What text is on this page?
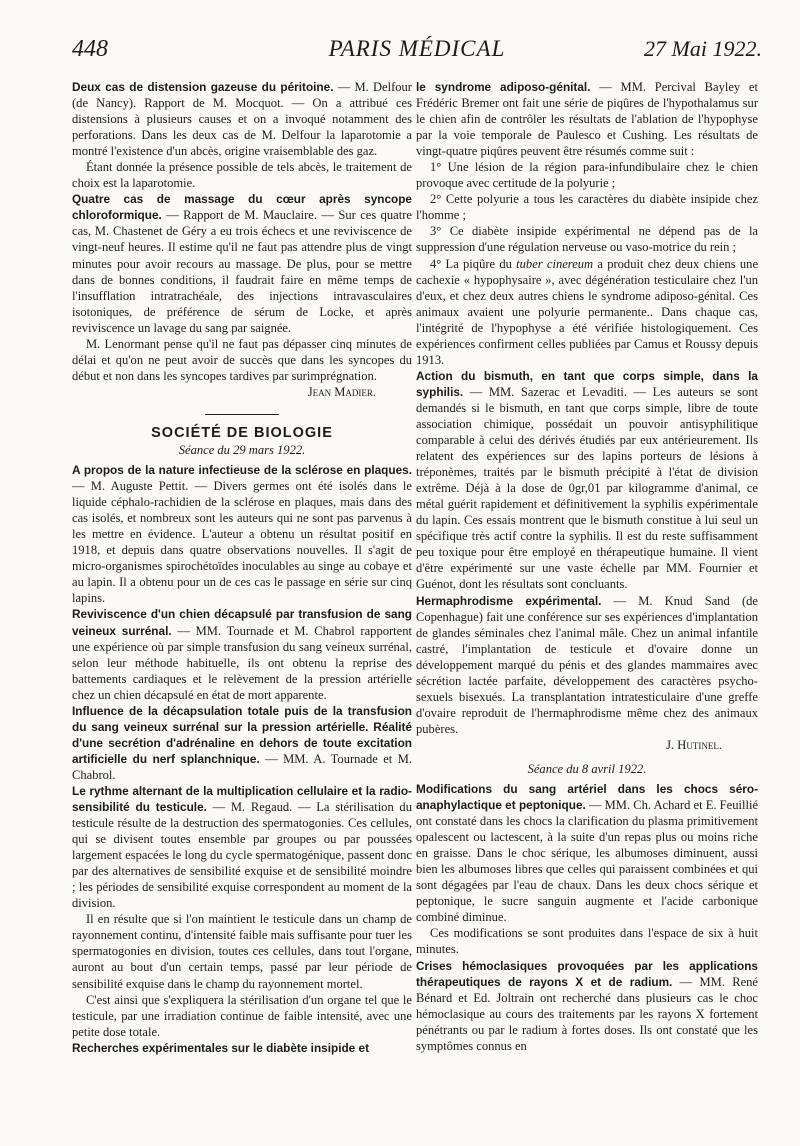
448	PARIS MÉDICAL	27 Mai 1922.

Deux cas de distension gazeuse du péritoine. — M. Delfour (de Nancy). Rapport de M. Mocquot. — On a attribué ces distensions à plusieurs causes et on a invoqué notamment des perforations. Dans les deux cas de M. Delfour la laparotomie a montré l'existence d'un abcès, origine vraisemblable des gaz.

Étant donnée la présence possible de tels abcès, le traitement de choix est la laparotomie.

Quatre cas de massage du cœur après syncope chloroformique. — Rapport de M. Mauclaire. — Sur ces quatre cas, M. Chastenet de Géry a eu trois échecs et une reviviscence de vingt-neuf heures. Il estime qu'il ne faut pas attendre plus de vingt minutes pour avoir recours au massage. De plus, pour se mettre dans de bonnes conditions, il faudrait faire en même temps de l'insufflation intratrachéale, des injections intravasculaires isotoniques, de préférence de sérum de Locke, et après reviviscence un lavage du sang par saignée.

M. Lenormant pense qu'il ne faut pas dépasser cinq minutes de délai et qu'on ne peut avoir de succès que dans les syncopes du début et non dans les syncopes tardives par surimprégnation.

Jean Madier.

SOCIÉTÉ DE BIOLOGIE
Séance du 29 mars 1922.

A propos de la nature infectieuse de la sclérose en plaques. — M. Auguste Pettit. — Divers germes ont été isolés dans le liquide céphalo-rachidien de la sclérose en plaques, mais dans des cas isolés, et nombreux sont les auteurs qui ne sont pas parvenus à les mettre en évidence. L'auteur a obtenu un résultat positif en 1918, et depuis dans quatre observations nouvelles. Il s'agit de micro-organismes spirochétoïdes inoculables au singe au cobaye et au lapin. Il a obtenu pour un de ces cas le passage en série sur cinq lapins.

Reviviscence d'un chien décapsulé par transfusion de sang veineux surrénal. — MM. Tournade et M. Chabrol rapportent une expérience où par simple transfusion du sang veineux surrénal, selon leur méthode habituelle, ils ont obtenu la reprise des battements cardiaques et le relèvement de la pression artérielle chez un chien décapsulé en état de mort apparente.

Influence de la décapsulation totale puis de la transfusion du sang veineux surrénal sur la pression artérielle. Réalité d'une secrétion d'adrénaline en dehors de toute excitation artificielle du nerf splanchnique. — MM. A. Tournade et M. Chabrol.

Le rythme alternant de la multiplication cellulaire et la radio-sensibilité du testicule. — M. Regaud. — La stérilisation du testicule résulte de la destruction des spermatogonies. Ces cellules, qui se divisent toutes ensemble par groupes ou par poussées largement espacées le long du cycle spermatogénique, passent donc par des alternatives de sensibilité exquise et de sensibilité moindre ; les périodes de sensibilité exquise correspondent au moment de la division.

Il en résulte que si l'on maintient le testicule dans un champ de rayonnement continu, d'intensité faible mais suffisante pour tuer les spermatogonies en division, toutes ces cellules, dans tout l'organe, auront au bout d'un certain temps, passé par leur période de sensibilité exquise dans le champ du rayonnement mortel.

C'est ainsi que s'expliquera la stérilisation d'un organe tel que le testicule, par une irradiation continue de faible intensité, avec une petite dose totale.

Recherches expérimentales sur le diabète insipide et

le syndrome adiposo-génital. — MM. Percival Bayley et Frédéric Bremer ont fait une série de piqûres de l'hypothalamus sur le chien afin de contrôler les résultats de l'ablation de l'hypophyse par la voie temporale de Paulesco et Cushing. Les résultats de vingt-quatre piqûres peuvent être résumés comme suit :

1° Une lésion de la région para-infundibulaire chez le chien provoque avec certitude de la polyurie ;

2° Cette polyurie a tous les caractères du diabète insipide chez l'homme ;

3° Ce diabète insipide expérimental ne dépend pas de la suppression d'une régulation nerveuse ou vaso-motrice du rein ;

4° La piqûre du tuber cinereum a produit chez deux chiens une cachexie « hypophysaire », avec dégénération testiculaire chez l'un d'eux, et chez deux autres chiens le syndrome adiposo-génital. Ces animaux avaient une polyurie permanente.. Dans chaque cas, l'intégrité de l'hypophyse a été vérifiée histologiquement. Ces expériences confirment celles publiées par Camus et Roussy depuis 1913.

Action du bismuth, en tant que corps simple, dans la syphilis. — MM. Sazerac et Levaditi. — Les auteurs se sont demandés si le bismuth, en tant que corps simple, libre de toute association chimique, possédait un pouvoir antisyphilitique comparable à celui des dérivés étudiés par eux antérieurement. Ils relatent des expériences sur des lapins porteurs de lésions à tréponèmes, traités par le bismuth précipité à l'état de division extrême. Déjà à la dose de 0gr,01 par kilogramme d'animal, ce métal guérit rapidement et définitivement la syphilis expérimentale du lapin. Ces essais montrent que le bismuth constitue à lui seul un spécifique très actif contre la syphilis. Il est du reste suffisamment peu toxique pour être employé en thérapeutique humaine. Il vient d'être expérimenté sur une vaste échelle par MM. Fournier et Guénot, dont les résultats sont concluants.

Hermaphrodisme expérimental. — M. Knud Sand (de Copenhague) fait une conférence sur ses expériences d'implantation de glandes séminales chez l'animal mâle. Chez un animal infantile castré, l'implantation de testicule et d'ovaire donne un développement marqué du pénis et des glandes mammaires avec sécrétion lactée parfaite, développement des caractères psycho-sexuels bisexués. La transplantation intratesticulaire d'une greffe d'ovaire reproduit de l'hermaphrodisme même chez des animaux pubères.

J. Hutinel.

Séance du 8 avril 1922.

Modifications du sang artériel dans les chocs séro-anaphylactique et peptonique. — MM. Ch. Achard et E. Feuillié ont constaté dans les chocs la clarification du plasma primitivement opalescent ou lactescent, à la suite d'un repas plus ou moins riche en graisse. Dans le choc sérique, les albumoses diminuent, aussi bien les albumoses libres que celles qui paraissent combinées et qui sont dégagées par l'eau de chaux. Dans les deux chocs sérique et peptonique, le sucre sanguin augmente et l'acide carbonique combiné diminue.

Ces modifications se sont produites dans l'espace de six à huit minutes.

Crises hémoclasiques provoquées par les applications thérapeutiques de rayons X et de radium. — MM. René Bénard et Ed. Joltrain ont recherché dans plusieurs cas le choc hémoclasique au cours des traitements par les rayons X fortement pénétrants ou par le radium à fortes doses. Ils ont constaté que les symptômes connus en
